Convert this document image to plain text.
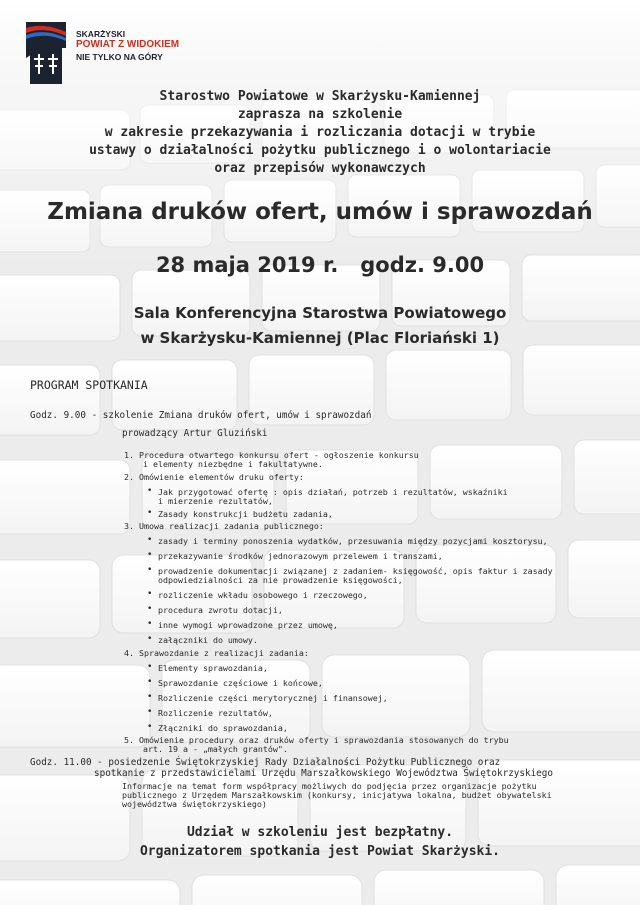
SKARŻYSKI
POWIAT Z WIDOKIEM
NIE TYLKO NA GÓRY
Starostwo Powiatowe w Skarżysku-Kamiennej
zaprasza na szkolenie
w zakresie przekazywania i rozliczania dotacji w trybie
ustawy o działalności pożytku publicznego i o wolontariacie
oraz przepisów wykonawczych
Zmiana druków ofert, umów i sprawozdań
28 maja 2019 r.   godz. 9.00
Sala Konferencyjna Starostwa Powiatowego
w Skarżysku-Kamiennej (Plac Floriański 1)
PROGRAM SPOTKANIA
Godz. 9.00 - szkolenie Zmiana druków ofert, umów i sprawozdań
prowadzący Artur Gluziński
1. Procedura otwartego konkursu ofert - ogłoszenie konkursu
i elementy niezbędne i fakultatywne.
2. Omówienie elementów druku oferty:
• Jak przygotować ofertę : opis działań, potrzeb i rezultatów, wskaźniki
i mierzenie rezultatów,
• Zasady konstrukcji budżetu zadania,
3. Umowa realizacji zadania publicznego:
• zasady i terminy ponoszenia wydatków, przesuwania między pozycjami kosztorysu,
• przekazywanie środków jednorazowym przelewem i transzami,
• prowadzenie dokumentacji związanej z zadaniem- księgowość, opis faktur i zasady
odpowiedzialności za nie prowadzenie księgowości,
• rozliczenie wkładu osobowego i rzeczowego,
• procedura zwrotu dotacji,
• inne wymogi wprowadzone przez umowę,
• załączniki do umowy.
4. Sprawozdanie z realizacji zadania:
• Elementy sprawozdania,
• Sprawozdanie częściowe i końcowe,
• Rozliczenie części merytorycznej i finansowej,
• Rozliczenie rezultatów,
• Złączniki do sprawozdania,
5. Omówienie procedury oraz druków oferty i sprawozdania stosowanych do trybu
art. 19 a - „małych grantów".
Godz. 11.00 - posiedzenie Świętokrzyskiej Rady Działalności Pożytku Publicznego oraz
spotkanie z przedstawicielami Urzędu Marszałkowskiego Województwa Świętokrzyskiego
Informacje na temat form współpracy możliwych do podjęcia przez organizacje pożytku
publicznego z Urzędem Marszałkowskim (konkursy, inicjatywa lokalna, budżet obywatelski
województwa świętokrzyskiego)
Udział w szkoleniu jest bezpłatny.
Organizatorem spotkania jest Powiat Skarżyski.
